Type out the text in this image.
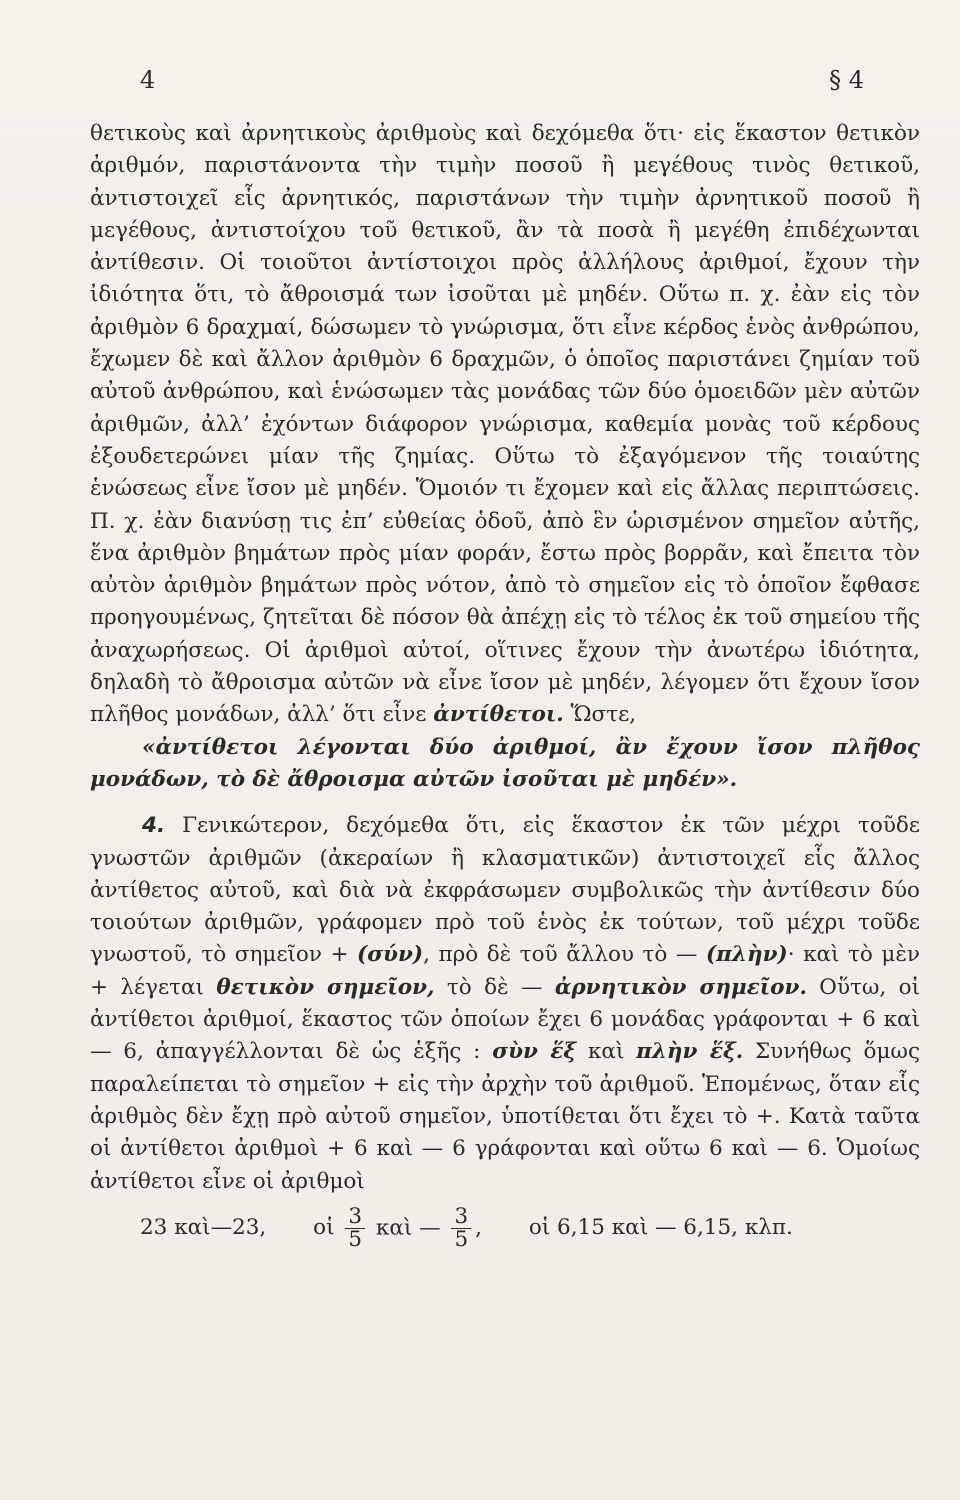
4	§ 4

θετικοὺς καὶ ἀρνητικοὺς ἀριθμοὺς καὶ δεχόμεθα ὅτι· εἰς ἕκαστον θετικὸν ἀριθμόν, παριστάνοντα τὴν τιμὴν ποσοῦ ἢ μεγέθους τινὸς θετικοῦ, ἀντιστοιχεῖ εἷς ἀρνητικός, παριστάνων τὴν τιμὴν ἀρνητικοῦ ποσοῦ ἢ μεγέθους, ἀντιστοίχου τοῦ θετικοῦ, ἂν τὰ ποσὰ ἢ μεγέθη ἐπιδέχωνται ἀντίθεσιν. Οἱ τοιοῦτοι ἀντίστοιχοι πρὸς ἀλλήλους ἀριθμοί, ἔχουν τὴν ἰδιότητα ὅτι, τὸ ἄθροισμά των ἰσοῦται μὲ μηδέν. Οὕτω π. χ. ἐὰν εἰς τὸν ἀριθμὸν 6 δραχμαί, δώσωμεν τὸ γνώρισμα, ὅτι εἶνε κέρδος ἑνὸς ἀνθρώπου, ἔχωμεν δὲ καὶ ἄλλον ἀριθμὸν 6 δραχμῶν, ὁ ὁποῖος παριστάνει ζημίαν τοῦ αὐτοῦ ἀνθρώπου, καὶ ἑνώσωμεν τὰς μονάδας τῶν δύο ὁμοειδῶν μὲν αὐτῶν ἀριθμῶν, ἀλλ’ ἐχόντων διάφορον γνώρισμα, καθεμία μονὰς τοῦ κέρδους ἐξουδετερώνει μίαν τῆς ζημίας. Οὕτω τὸ ἐξαγόμενον τῆς τοιαύτης ἑνώσεως εἶνε ἴσον μὲ μηδέν. Ὅμοιόν τι ἔχομεν καὶ εἰς ἄλλας περιπτώσεις. Π. χ. ἐὰν διανύσῃ τις ἐπ’ εὐθείας ὁδοῦ, ἀπὸ ἓν ὡρισμένον σημεῖον αὐτῆς, ἕνα ἀριθμὸν βημάτων πρὸς μίαν φοράν, ἔστω πρὸς βορρᾶν, καὶ ἔπειτα τὸν αὐτὸν ἀριθμὸν βημάτων πρὸς νότον, ἀπὸ τὸ σημεῖον εἰς τὸ ὁποῖον ἔφθασε προηγουμένως, ζητεῖται δὲ πόσον θὰ ἀπέχῃ εἰς τὸ τέλος ἐκ τοῦ σημείου τῆς ἀναχωρήσεως. Οἱ ἀριθμοὶ αὐτοί, οἵτινες ἔχουν τὴν ἀνωτέρω ἰδιότητα, δηλαδὴ τὸ ἄθροισμα αὐτῶν νὰ εἶνε ἴσον μὲ μηδέν, λέγομεν ὅτι ἔχουν ἴσον πλῆθος μονάδων, ἀλλ’ ὅτι εἶνε ἀντίθετοι. Ὥστε,

«ἀντίθετοι λέγονται δύο ἀριθμοί, ἂν ἔχουν ἴσον πλῆθος μονάδων, τὸ δὲ ἄθροισμα αὐτῶν ἰσοῦται μὲ μηδέν».

4. Γενικώτερον, δεχόμεθα ὅτι, εἰς ἕκαστον ἐκ τῶν μέχρι τοῦδε γνωστῶν ἀριθμῶν (ἀκεραίων ἢ κλασματικῶν) ἀντιστοιχεῖ εἷς ἄλλος ἀντίθετος αὐτοῦ, καὶ διὰ νὰ ἐκφράσωμεν συμβολικῶς τὴν ἀντίθεσιν δύο τοιούτων ἀριθμῶν, γράφομεν πρὸ τοῦ ἑνὸς ἐκ τούτων, τοῦ μέχρι τοῦδε γνωστοῦ, τὸ σημεῖον + (σύν), πρὸ δὲ τοῦ ἄλλου τὸ — (πλὴν)· καὶ τὸ μὲν + λέγεται θετικὸν σημεῖον, τὸ δὲ — ἀρνητικὸν σημεῖον. Οὕτω, οἱ ἀντίθετοι ἀριθμοί, ἕκαστος τῶν ὁποίων ἔχει 6 μονάδας γράφονται + 6 καὶ — 6, ἀπαγγέλλονται δὲ ὡς ἑξῆς : σὺν ἕξ καὶ πλὴν ἕξ. Συνήθως ὅμως παραλείπεται τὸ σημεῖον + εἰς τὴν ἀρχὴν τοῦ ἀριθμοῦ. Ἑπομένως, ὅταν εἷς ἀριθμὸς δὲν ἔχῃ πρὸ αὐτοῦ σημεῖον, ὑποτίθεται ὅτι ἔχει τὸ +. Κατὰ ταῦτα οἱ ἀντίθετοι ἀριθμοὶ + 6 καὶ — 6 γράφονται καὶ οὕτω 6 καὶ — 6. Ὁμοίως ἀντίθετοι εἶνε οἱ ἀριθμοὶ

23 καὶ—23, οἱ $\frac{3}{5}$ καὶ — $\frac{3}{5}$ , οἱ 6,15 καὶ — 6,15, κλπ.
